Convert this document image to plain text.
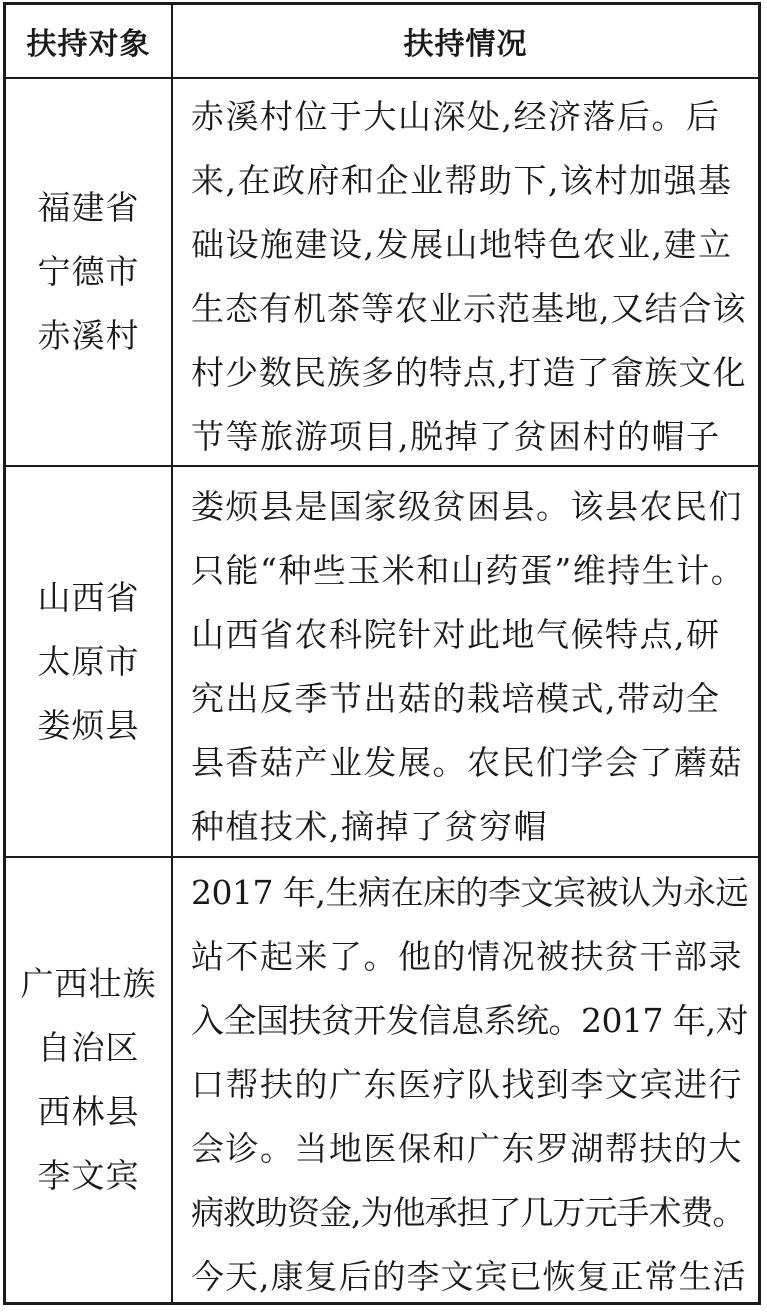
扶持对象	扶持情况
福建省
宁德市
赤溪村
赤溪村位于大山深处,经济落后。后
来,在政府和企业帮助下,该村加强基
础设施建设,发展山地特色农业,建立
生态有机茶等农业示范基地,又结合该
村少数民族多的特点,打造了畲族文化
节等旅游项目,脱掉了贫困村的帽子
山西省
太原市
娄烦县
娄烦县是国家级贫困县。该县农民们
只能“种些玉米和山药蛋”维持生计。
山西省农科院针对此地气候特点,研
究出反季节出菇的栽培模式,带动全
县香菇产业发展。农民们学会了蘑菇
种植技术,摘掉了贫穷帽
广西壮族
自治区
西林县
李文宾
2017 年,生病在床的李文宾被认为永远
站不起来了。他的情况被扶贫干部录
入全国扶贫开发信息系统。2017 年,对
口帮扶的广东医疗队找到李文宾进行
会诊。当地医保和广东罗湖帮扶的大
病救助资金,为他承担了几万元手术费。
今天,康复后的李文宾已恢复正常生活
